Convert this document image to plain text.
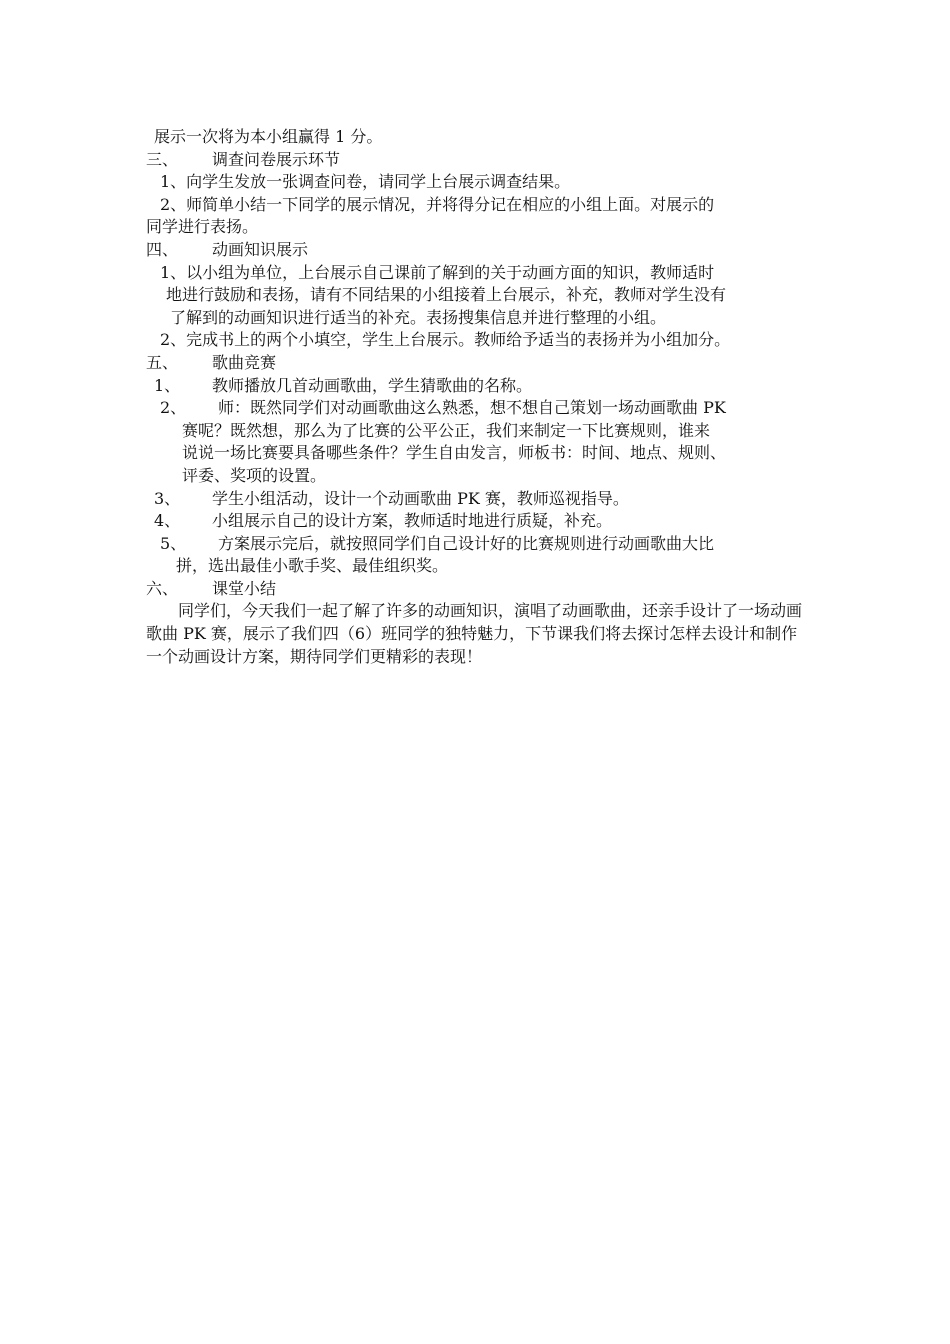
展示一次将为本小组赢得 1 分。
三、 调查问卷展示环节
1、向学生发放一张调查问卷，请同学上台展示调查结果。
2、师简单小结一下同学的展示情况，并将得分记在相应的小组上面。对展示的
同学进行表扬。
四、 动画知识展示
1、以小组为单位，上台展示自己课前了解到的关于动画方面的知识，教师适时
地进行鼓励和表扬，请有不同结果的小组接着上台展示，补充，教师对学生没有
了解到的动画知识进行适当的补充。表扬搜集信息并进行整理的小组。
2、完成书上的两个小填空，学生上台展示。教师给予适当的表扬并为小组加分。
五、 歌曲竞赛
1、 教师播放几首动画歌曲，学生猜歌曲的名称。
2、 师：既然同学们对动画歌曲这么熟悉，想不想自己策划一场动画歌曲 PK
赛呢？既然想，那么为了比赛的公平公正，我们来制定一下比赛规则，谁来
说说一场比赛要具备哪些条件？学生自由发言，师板书：时间、地点、规则、
评委、奖项的设置。
3、 学生小组活动，设计一个动画歌曲 PK 赛，教师巡视指导。
4、 小组展示自己的设计方案，教师适时地进行质疑，补充。
5、 方案展示完后，就按照同学们自己设计好的比赛规则进行动画歌曲大比
拼，选出最佳小歌手奖、最佳组织奖。
六、 课堂小结
同学们，今天我们一起了解了许多的动画知识，演唱了动画歌曲，还亲手设计了一场动画歌曲 PK 赛，展示了我们四（6）班同学的独特魅力，下节课我们将去探讨怎样去设计和制作一个动画设计方案，期待同学们更精彩的表现！
